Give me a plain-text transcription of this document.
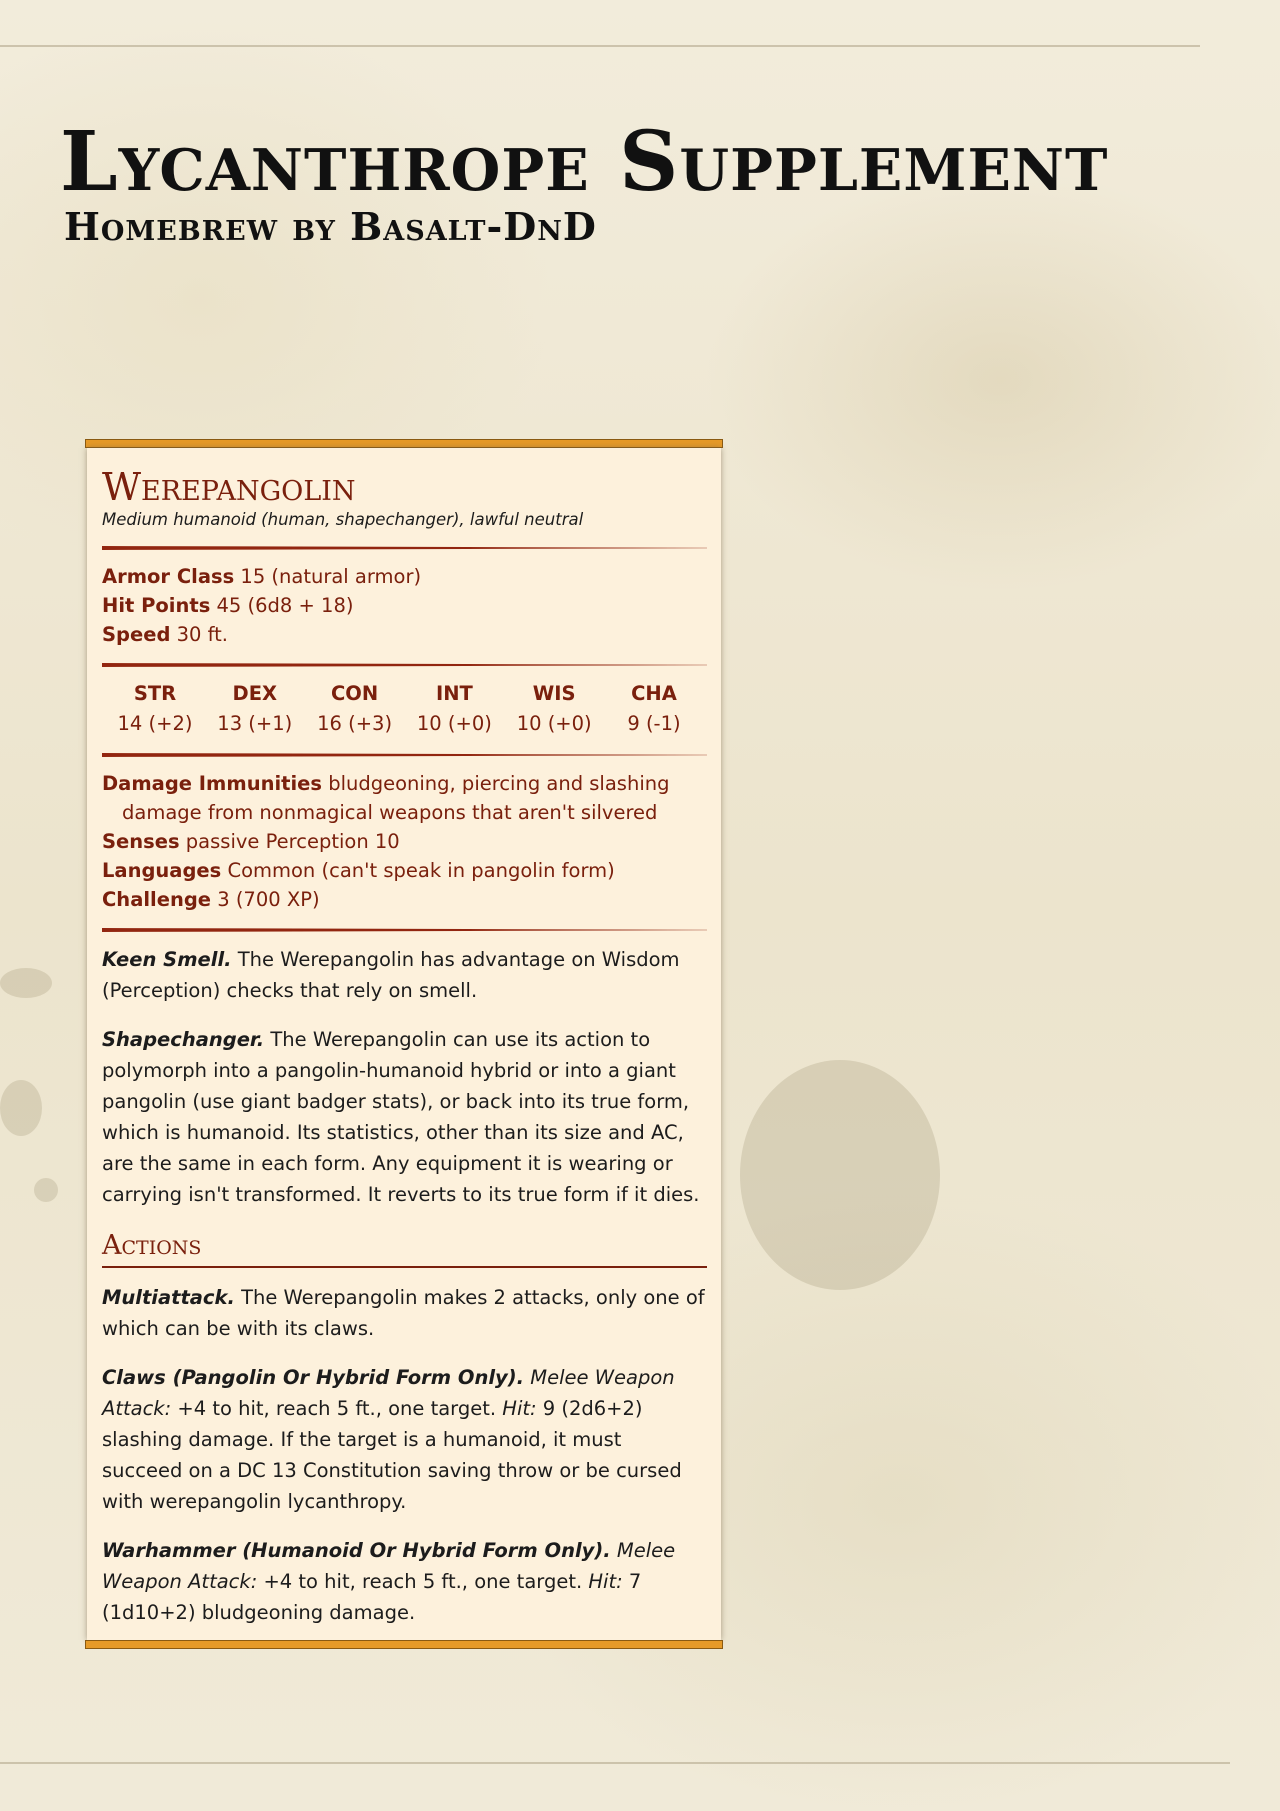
Lycanthrope Supplement
Homebrew by Basalt-DnD
Werepangolin

Medium humanoid (human, shapechanger), lawful neutral

Armor Class 15 (natural armor)
Hit Points 45 (6d8 + 18)
Speed 30 ft.
STR
14 (+2)
DEX
13 (+1)
CON
16 (+3)
INT
10 (+0)
WIS
10 (+0)
CHA
9 (-1)
Damage Immunities bludgeoning, piercing and slashing damage from nonmagical weapons that aren't silvered
Senses passive Perception 10
Languages Common (can't speak in pangolin form)
Challenge 3 (700 XP)

Keen Smell. The Werepangolin has advantage on Wisdom (Perception) checks that rely on smell.

Shapechanger. The Werepangolin can use its action to polymorph into a pangolin-humanoid hybrid or into a giant pangolin (use giant badger stats), or back into its true form, which is humanoid. Its statistics, other than its size and AC, are the same in each form. Any equipment it is wearing or carrying isn't transformed. It reverts to its true form if it dies.

Actions

Multiattack. The Werepangolin makes 2 attacks, only one of which can be with its claws.

Claws (Pangolin Or Hybrid Form Only). Melee Weapon Attack: +4 to hit, reach 5 ft., one target. Hit: 9 (2d6+2) slashing damage. If the target is a humanoid, it must succeed on a DC 13 Constitution saving throw or be cursed with werepangolin lycanthropy.

Warhammer (Humanoid Or Hybrid Form Only). Melee Weapon Attack: +4 to hit, reach 5 ft., one target. Hit: 7 (1d10+2) bludgeoning damage.
